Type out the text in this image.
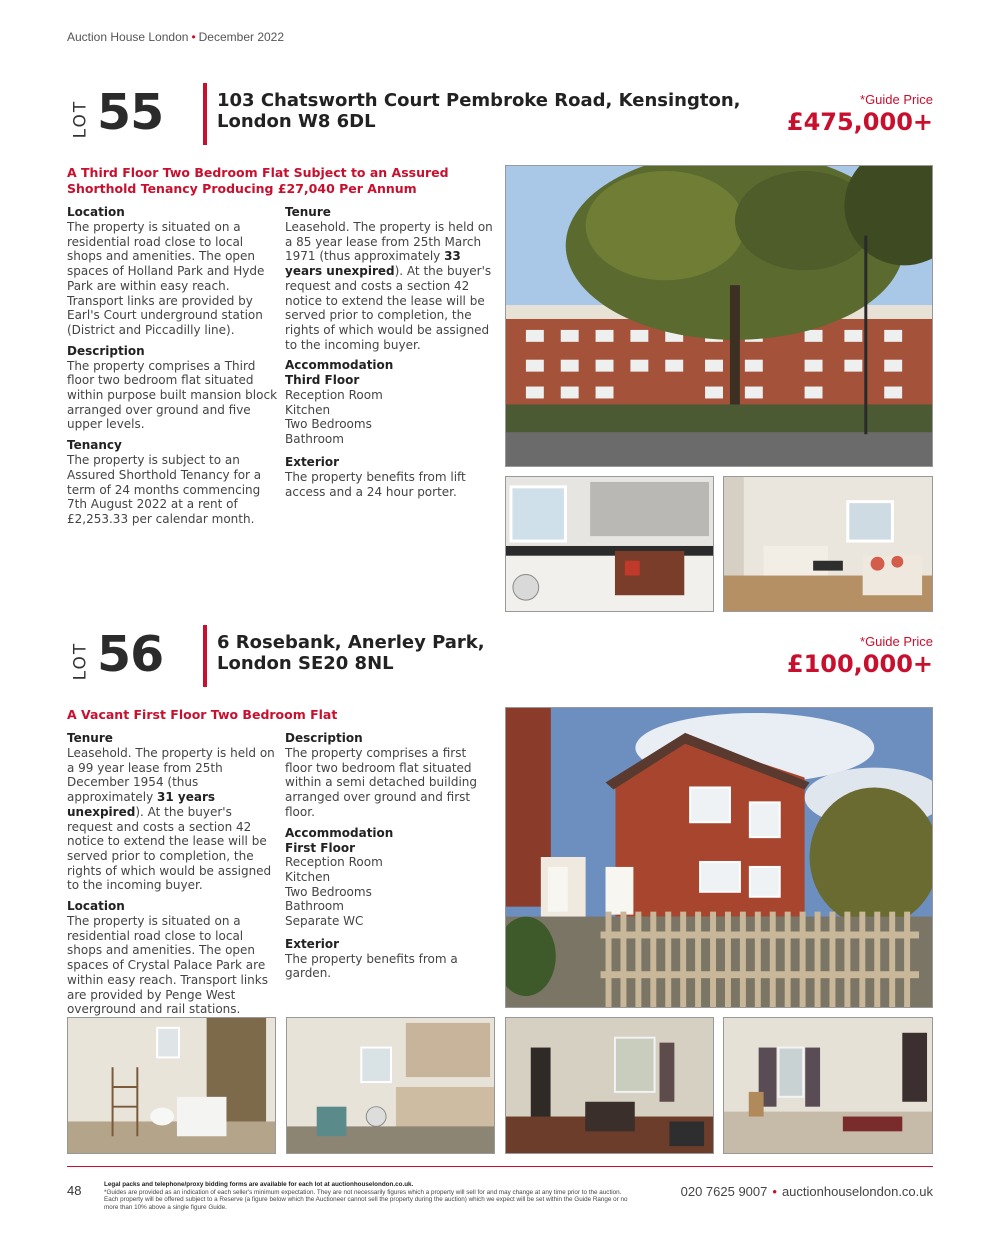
Auction House London • December 2022
LOT 55	103 Chatsworth Court Pembroke Road, Kensington,
London W8 6DL
*Guide Price
£475,000+
A Third Floor Two Bedroom Flat Subject to an Assured
Shorthold Tenancy Producing £27,040 Per Annum
Location

The property is situated on a residential road close to local shops and amenities. The open spaces of Holland Park and Hyde Park are within easy reach. Transport links are provided by Earl's Court underground station (District and Piccadilly line).

Description

The property comprises a Third floor two bedroom flat situated within purpose built mansion block arranged over ground and five upper levels.

Tenancy

The property is subject to an Assured Shorthold Tenancy for a term of 24 months commencing 7th August 2022 at a rent of £2,253.33 per calendar month.

Tenure

Leasehold. The property is held on a 85 year lease from 25th March 1971 (thus approximately 33 years unexpired). At the buyer's request and costs a section 42 notice to extend the lease will be served prior to completion, the rights of which would be assigned to the incoming buyer.

Accommodation
Third Floor
Reception Room
Kitchen
Two Bedrooms
Bathroom
Exterior

The property benefits from lift access and a 24 hour porter.

LOT 56	6 Rosebank, Anerley Park,
London SE20 8NL
*Guide Price
£100,000+
A Vacant First Floor Two Bedroom Flat
Tenure

Leasehold. The property is held on a 99 year lease from 25th December 1954 (thus approximately 31 years unexpired). At the buyer's request and costs a section 42 notice to extend the lease will be served prior to completion, the rights of which would be assigned to the incoming buyer.

Location

The property is situated on a residential road close to local shops and amenities. The open spaces of Crystal Palace Park are within easy reach. Transport links are provided by Penge West overground and rail stations.

Description

The property comprises a first floor two bedroom flat situated within a semi detached building arranged over ground and first floor.

Accommodation
First Floor
Reception Room
Kitchen
Two Bedrooms
Bathroom
Separate WC
Exterior

The property benefits from a garden.

48	Legal packs and telephone/proxy bidding forms are available for each lot at auctionhouselondon.co.uk.
*Guides are provided as an indication of each seller's minimum expectation. They are not necessarily figures which a property will sell for and may change at any time prior to the auction. Each property will be offered subject to a Reserve (a figure below which the Auctioneer cannot sell the property during the auction) which we expect will be set within the Guide Range or no more than 10% above a single figure Guide.
020 7625 9007 • auctionhouselondon.co.uk
